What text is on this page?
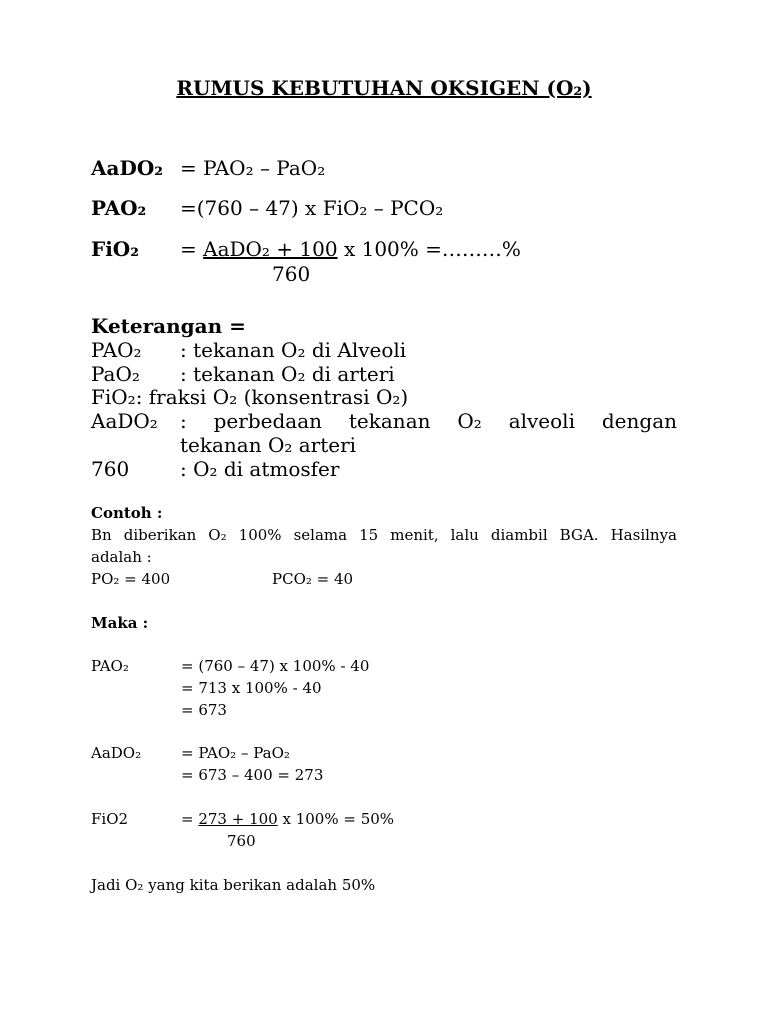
RUMUS KEBUTUHAN OKSIGEN (O₂)
AaDO₂ = PAO₂ – PaO₂
PAO₂ =(760 – 47) x FiO₂ – PCO₂
FiO₂ = AaDO₂ + 100 x 100% =………%
760
Keterangan =
PAO₂ : tekanan O₂ di Alveoli
PaO₂ : tekanan O₂ di arteri
FiO₂: fraksi O₂ (konsentrasi O₂)
AaDO₂ : perbedaan tekanan O₂ alveoli dengan
tekanan O₂ arteri
760	: O₂ di atmosfer
Contoh :
Bn diberikan O₂ 100% selama 15 menit, lalu diambil BGA. Hasilnya
adalah :
PO₂ = 400	PCO₂ = 40
Maka :
PAO₂	= (760 – 47) x 100% - 40
= 713 x 100% - 40
= 673
AaDO₂	= PAO₂ – PaO₂
= 673 – 400 = 273
FiO2	= 273 + 100 x 100% = 50%
760
Jadi O₂ yang kita berikan adalah 50%
